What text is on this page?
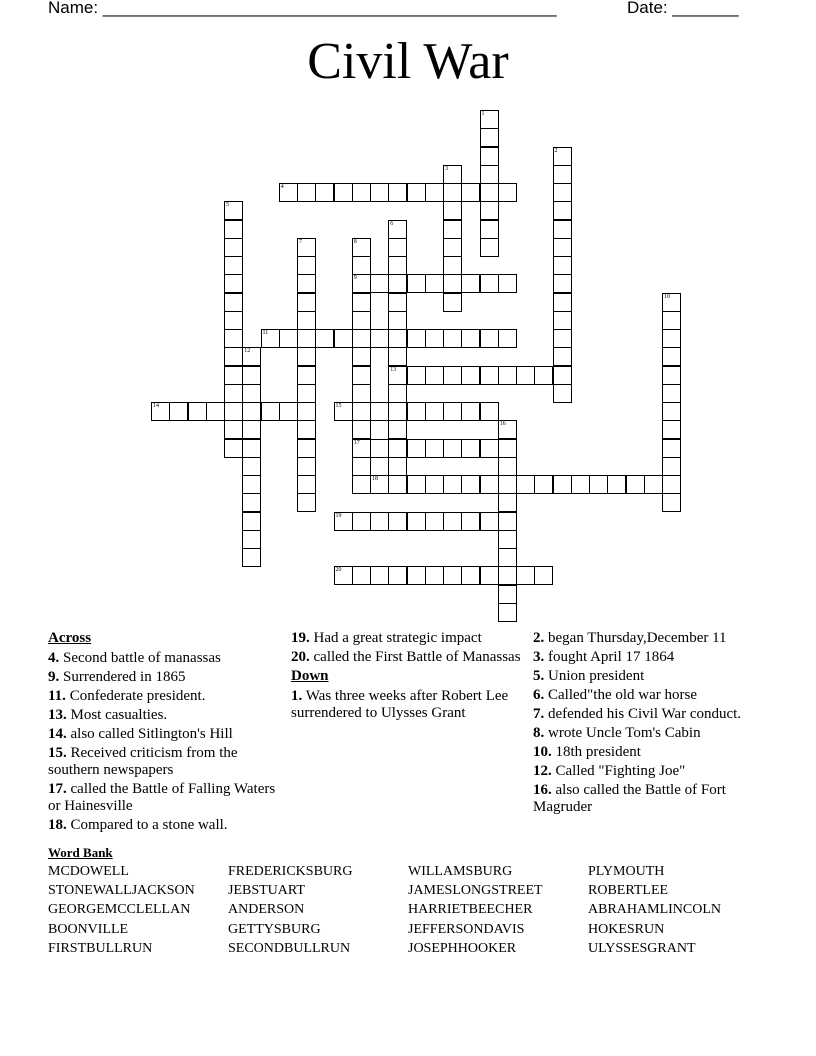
Name: ________________________________________________	Date: _______
Civil War
1
2
3
4
5
6
13
7	8
9
17
10
11
12
14	15
16
18
19
20
Across
4. Second battle of manassas
9. Surrendered in 1865
11. Confederate president.
13. Most casualties.
14. also called Sitlington's Hill
15. Received criticism from the southern newspapers
17. called the Battle of Falling Waters or Hainesville
18. Compared to a stone wall.
19. Had a great strategic impact
20. called the First Battle of Manassas
Down
1. Was three weeks after Robert Lee surrendered to Ulysses Grant
2. began Thursday,December 11
3. fought April 17 1864
5. Union president
6. Called"the old war horse
7. defended his Civil War conduct.
8. wrote Uncle Tom's Cabin
10. 18th president
12. Called "Fighting Joe"
16. also called the Battle of Fort Magruder
Word Bank
MCDOWELL
STONEWALLJACKSON
GEORGEMCCLELLAN
BOONVILLE
FIRSTBULLRUN
FREDERICKSBURG
JEBSTUART
ANDERSON
GETTYSBURG
SECONDBULLRUN
WILLAMSBURG
JAMESLONGSTREET
HARRIETBEECHER
JEFFERSONDAVIS
JOSEPHHOOKER
PLYMOUTH
ROBERTLEE
ABRAHAMLINCOLN
HOKESRUN
ULYSSESGRANT
